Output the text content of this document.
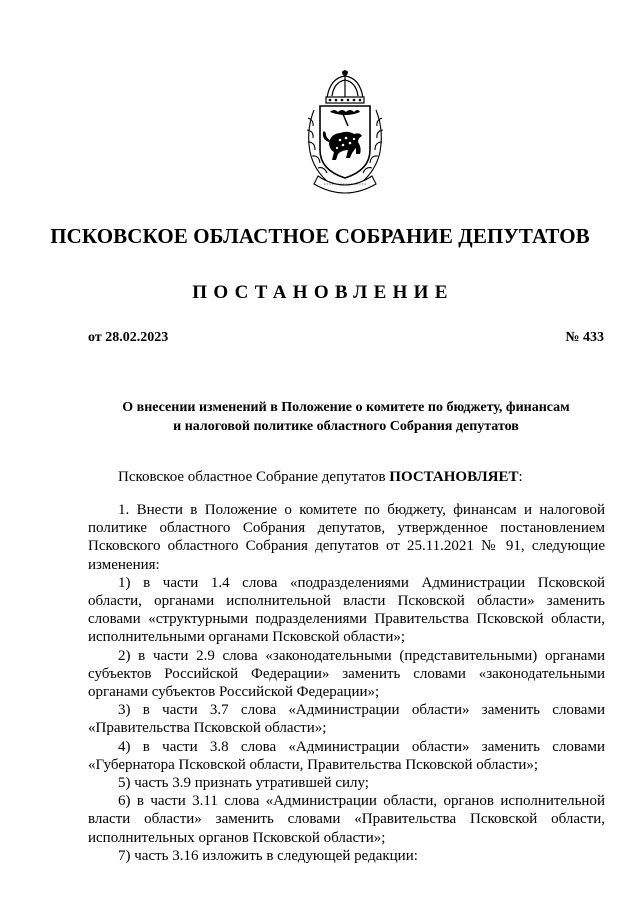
ПСКОВСКОЕ ОБЛАСТНОЕ СОБРАНИЕ ДЕПУТАТОВ
ПОСТАНОВЛЕНИЕ
от 28.02.2023	№ 433
О внесении изменений в Положение о комитете по бюджету, финансам
и налоговой политике областного Собрания депутатов
Псковское областное Собрание депутатов ПОСТАНОВЛЯЕТ:

1. Внести в Положение о комитете по бюджету, финансам и налоговой

политике областного Собрания депутатов, утвержденное постановлением

Псковского областного Собрания депутатов от 25.11.2021 № 91, следующие

изменения:

1) в части 1.4 слова «подразделениями Администрации Псковской

области, органами исполнительной власти Псковской области» заменить

словами «структурными подразделениями Правительства Псковской области,

исполнительными органами Псковской области»;

2) в части 2.9 слова «законодательными (представительными) органами

субъектов Российской Федерации» заменить словами «законодательными

органами субъектов Российской Федерации»;

3) в части 3.7 слова «Администрации области» заменить словами

«Правительства Псковской области»;

4) в части 3.8 слова «Администрации области» заменить словами

«Губернатора Псковской области, Правительства Псковской области»;

5) часть 3.9 признать утратившей силу;

6) в части 3.11 слова «Администрации области, органов исполнительной

власти области» заменить словами «Правительства Псковской области,

исполнительных органов Псковской области»;

7) часть 3.16 изложить в следующей редакции:
